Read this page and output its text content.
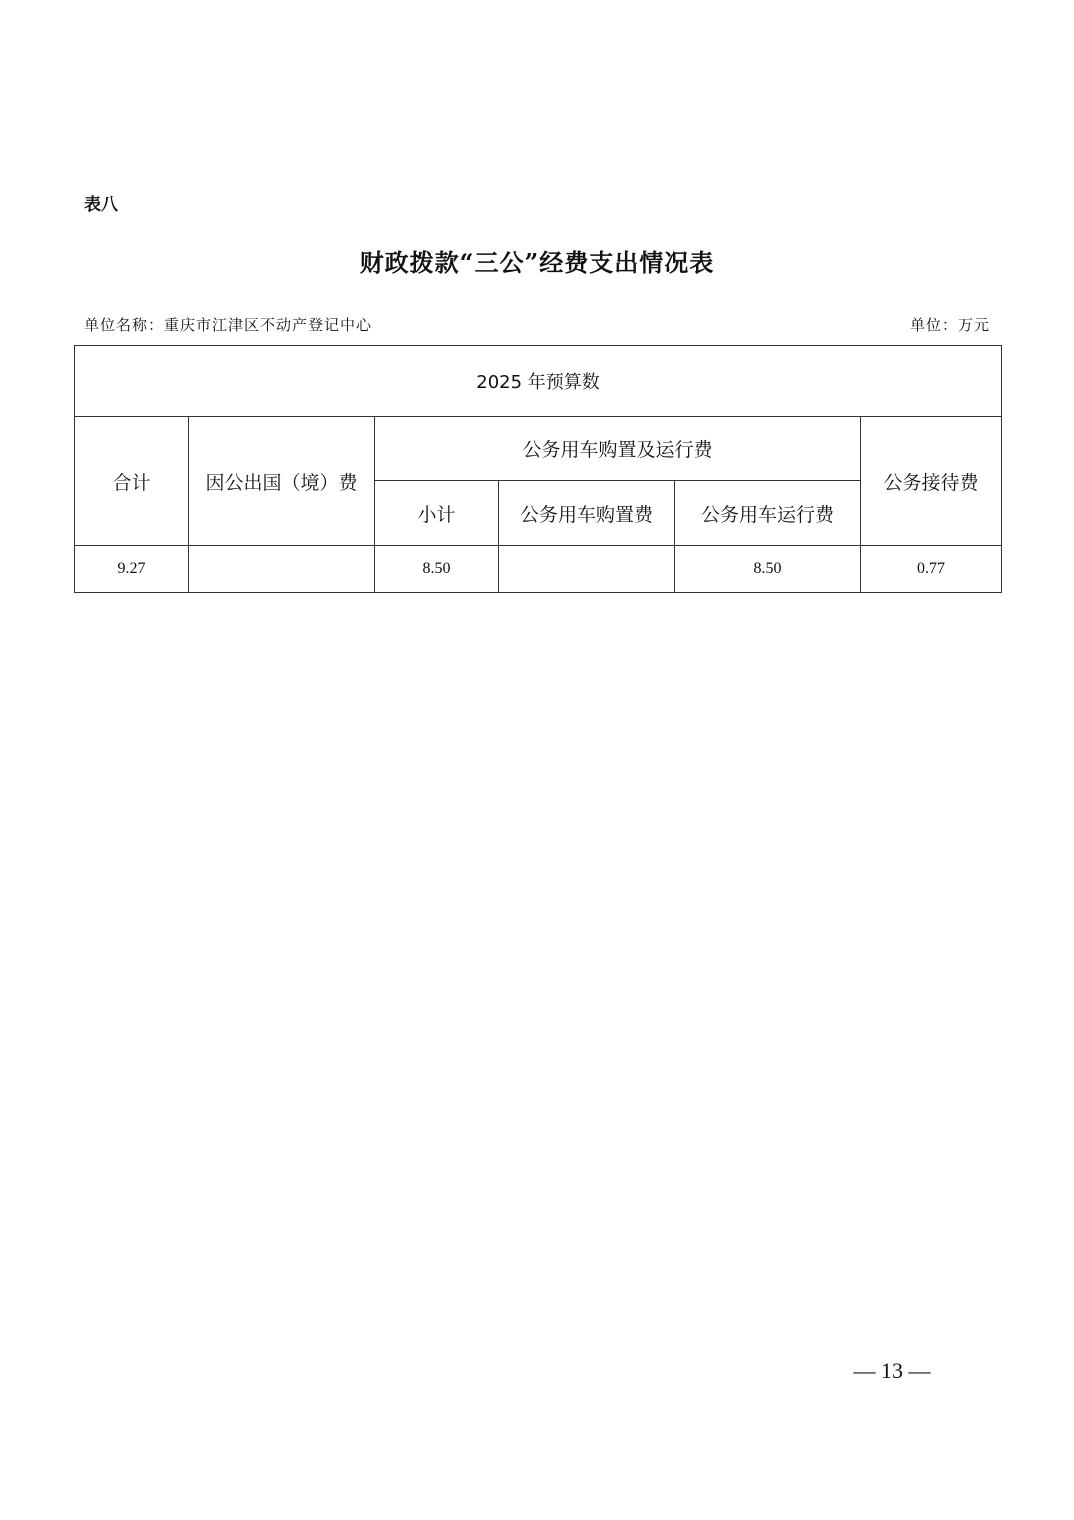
表八
财政拨款“三公”经费支出情况表
单位名称：重庆市江津区不动产登记中心	单位：万元
2025 年预算数					
合计	因公出国（境）费	公务用车购置及运行费			公务接待费
		小计	公务用车购置费	公务用车运行费	
9.27		8.50		8.50	0.77
— 13 —
